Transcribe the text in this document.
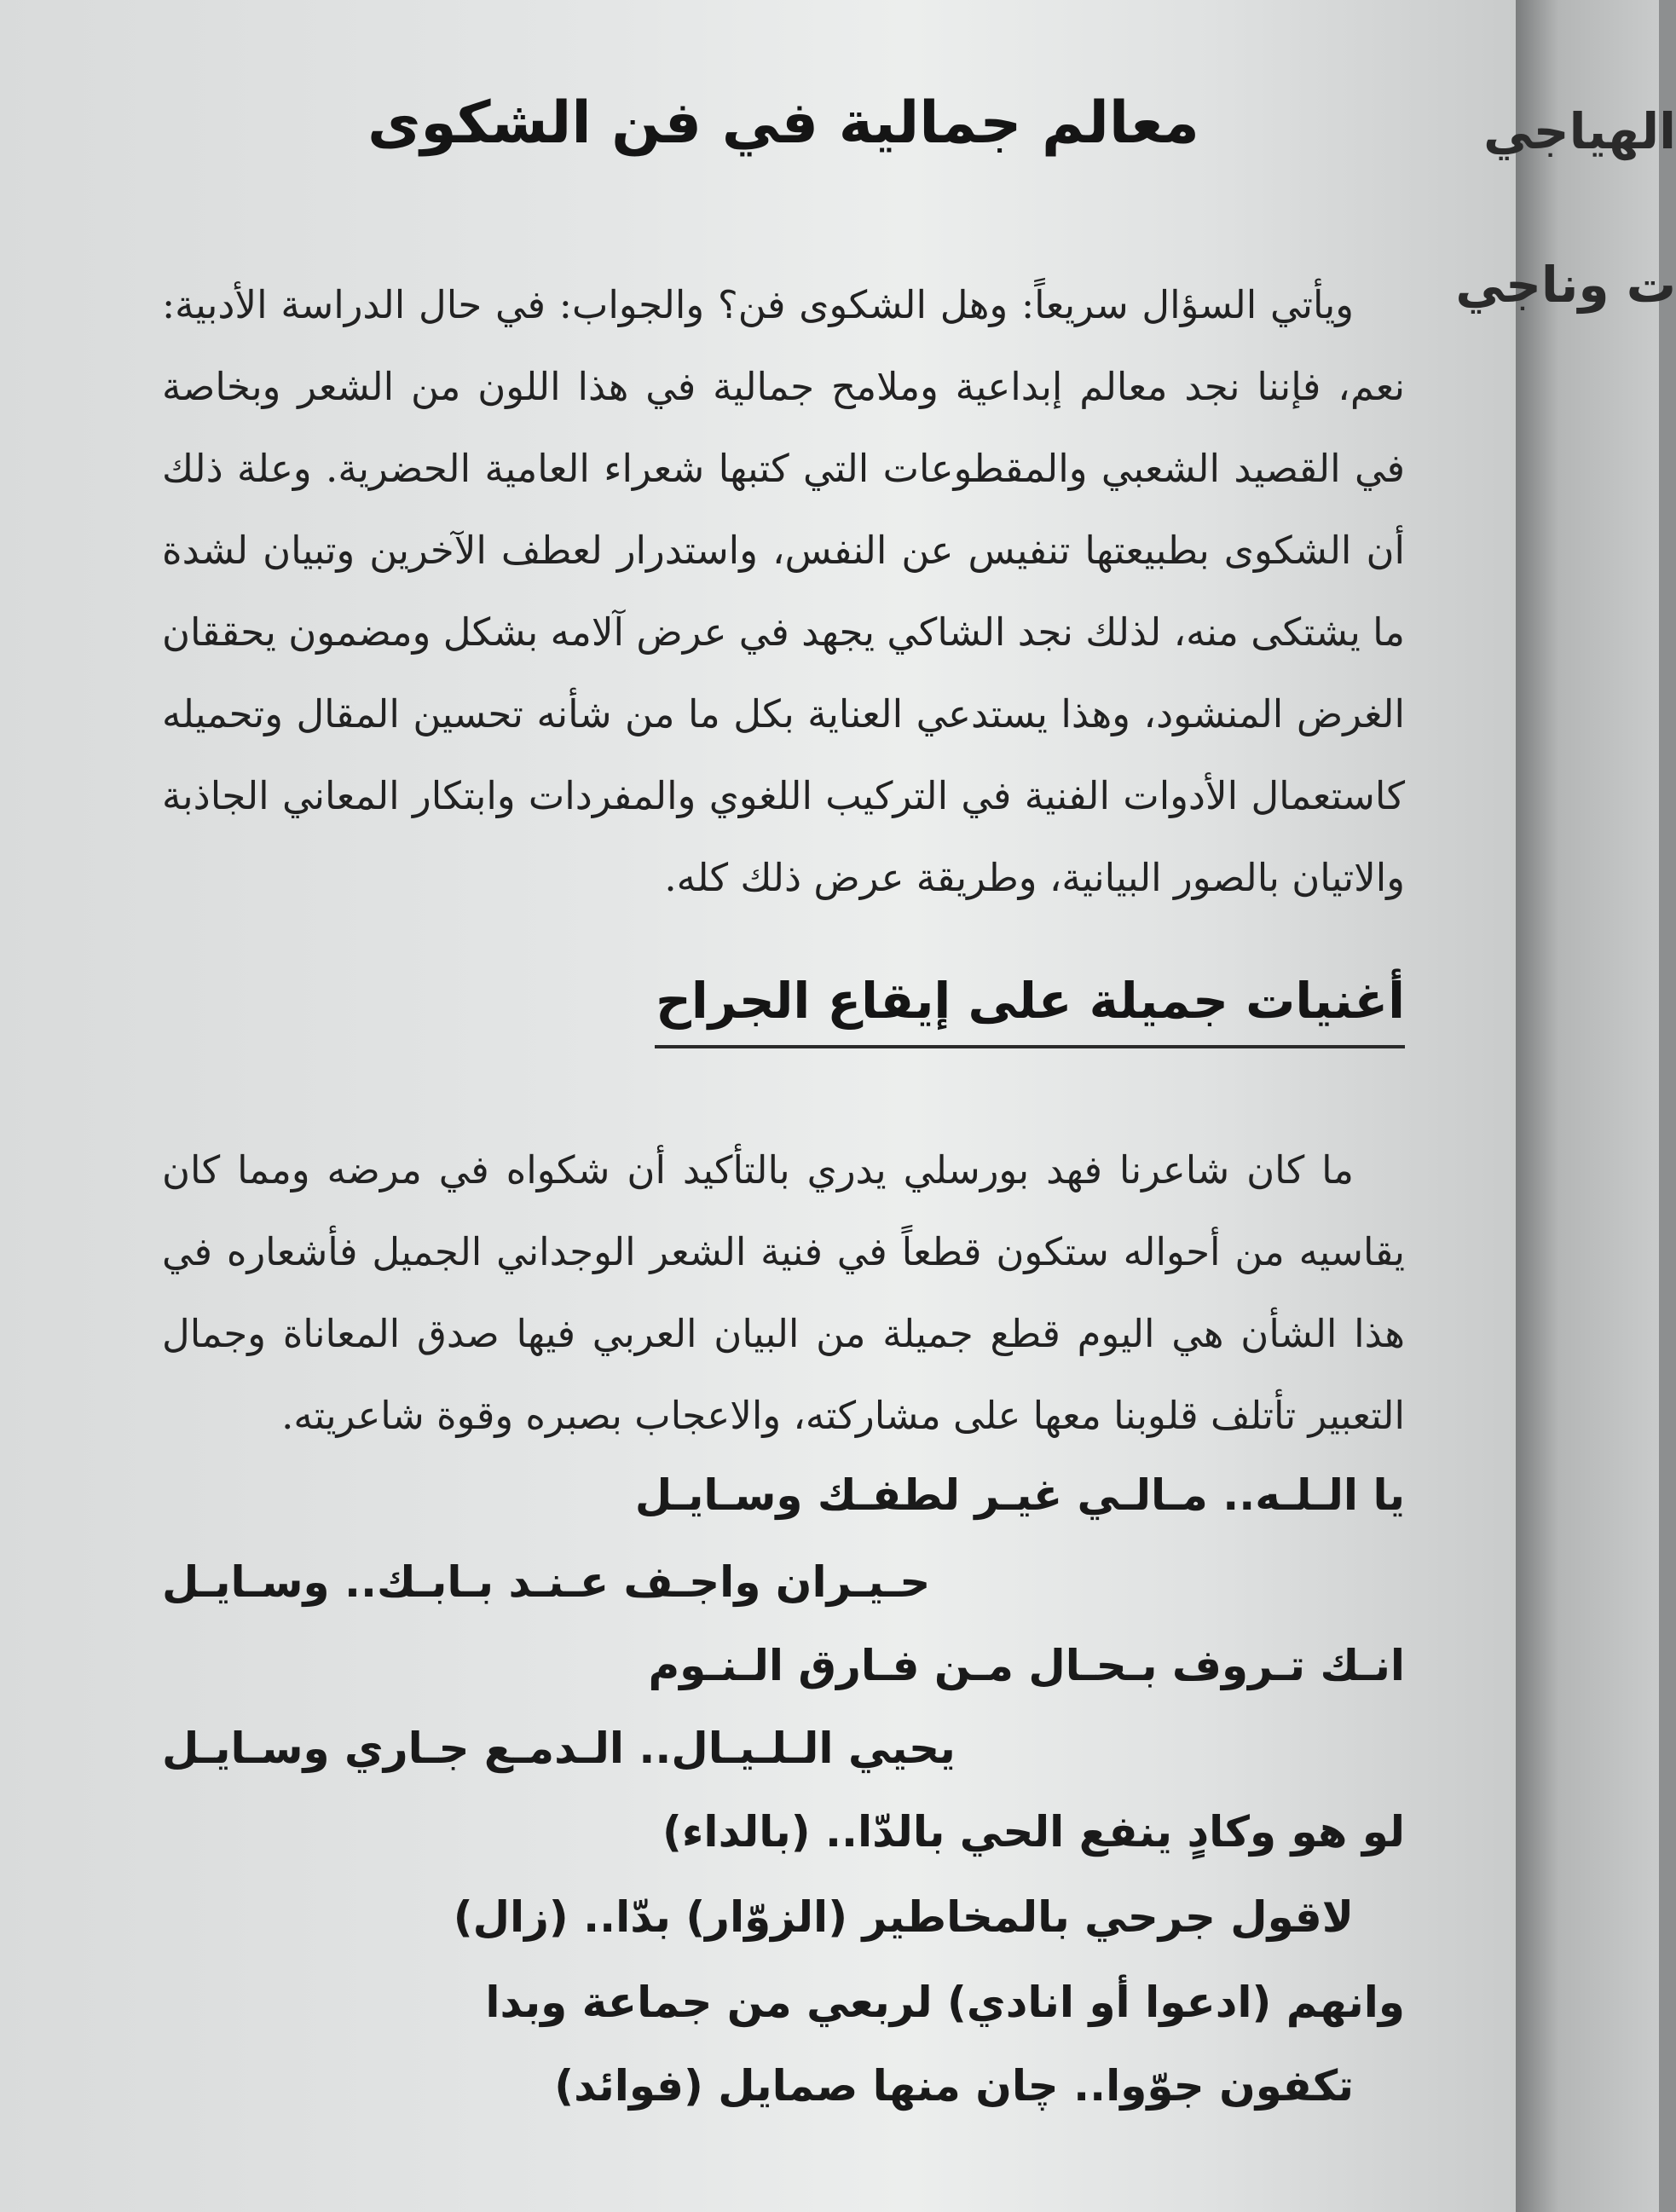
معالم جمالية في فن الشكوى

ويأتي السؤال سريعاً: وهل الشكوى فن؟ والجواب: في حال الدراسة الأدبية: نعم، فإننا نجد معالم إبداعية وملامح جمالية في هذا اللون من الشعر وبخاصة في القصيد الشعبي والمقطوعات التي كتبها شعراء العامية الحضرية. وعلة ذلك أن الشكوى بطبيعتها تنفيس عن النفس، واستدرار لعطف الآخرين وتبيان لشدة ما يشتكى منه، لذلك نجد الشاكي يجهد في عرض آلامه بشكل ومضمون يحققان الغرض المنشود، وهذا يستدعي العناية بكل ما من شأنه تحسين المقال وتحميله كاستعمال الأدوات الفنية في التركيب اللغوي والمفردات وابتكار المعاني الجاذبة والاتيان بالصور البيانية، وطريقة عرض ذلك كله.

أغنيات جميلة على إيقاع الجراح

ما كان شاعرنا فهد بورسلي يدري بالتأكيد أن شكواه في مرضه ومما كان يقاسيه من أحواله ستكون قطعاً في فنية الشعر الوجداني الجميل فأشعاره في هذا الشأن هي اليوم قطع جميلة من البيان العربي فيها صدق المعاناة وجمال التعبير تأتلف قلوبنا معها على مشاركته، والاعجاب بصبره وقوة شاعريته.

يا الـلـه.. مـالـي غيـر لطفـك وسـايـل
حـيـران واجـف عـنـد بـابـك.. وسـايـل
انـك تـروف بـحـال مـن فـارق الـنـوم
يحيي الـلـيـال.. الـدمـع جـاري وسـايـل
لو هو وكادٍ ينفع الحي بالدّا.. (بالداء)
لاقول جرحي بالمخاطير (الزوّار) بدّا.. (زال)
وانهم (ادعوا أو انادي) لربعي من جماعة وبدا
تكفون جوّوا.. چان منها صمايل (فوائد)
الهياجي
ت وناجي
